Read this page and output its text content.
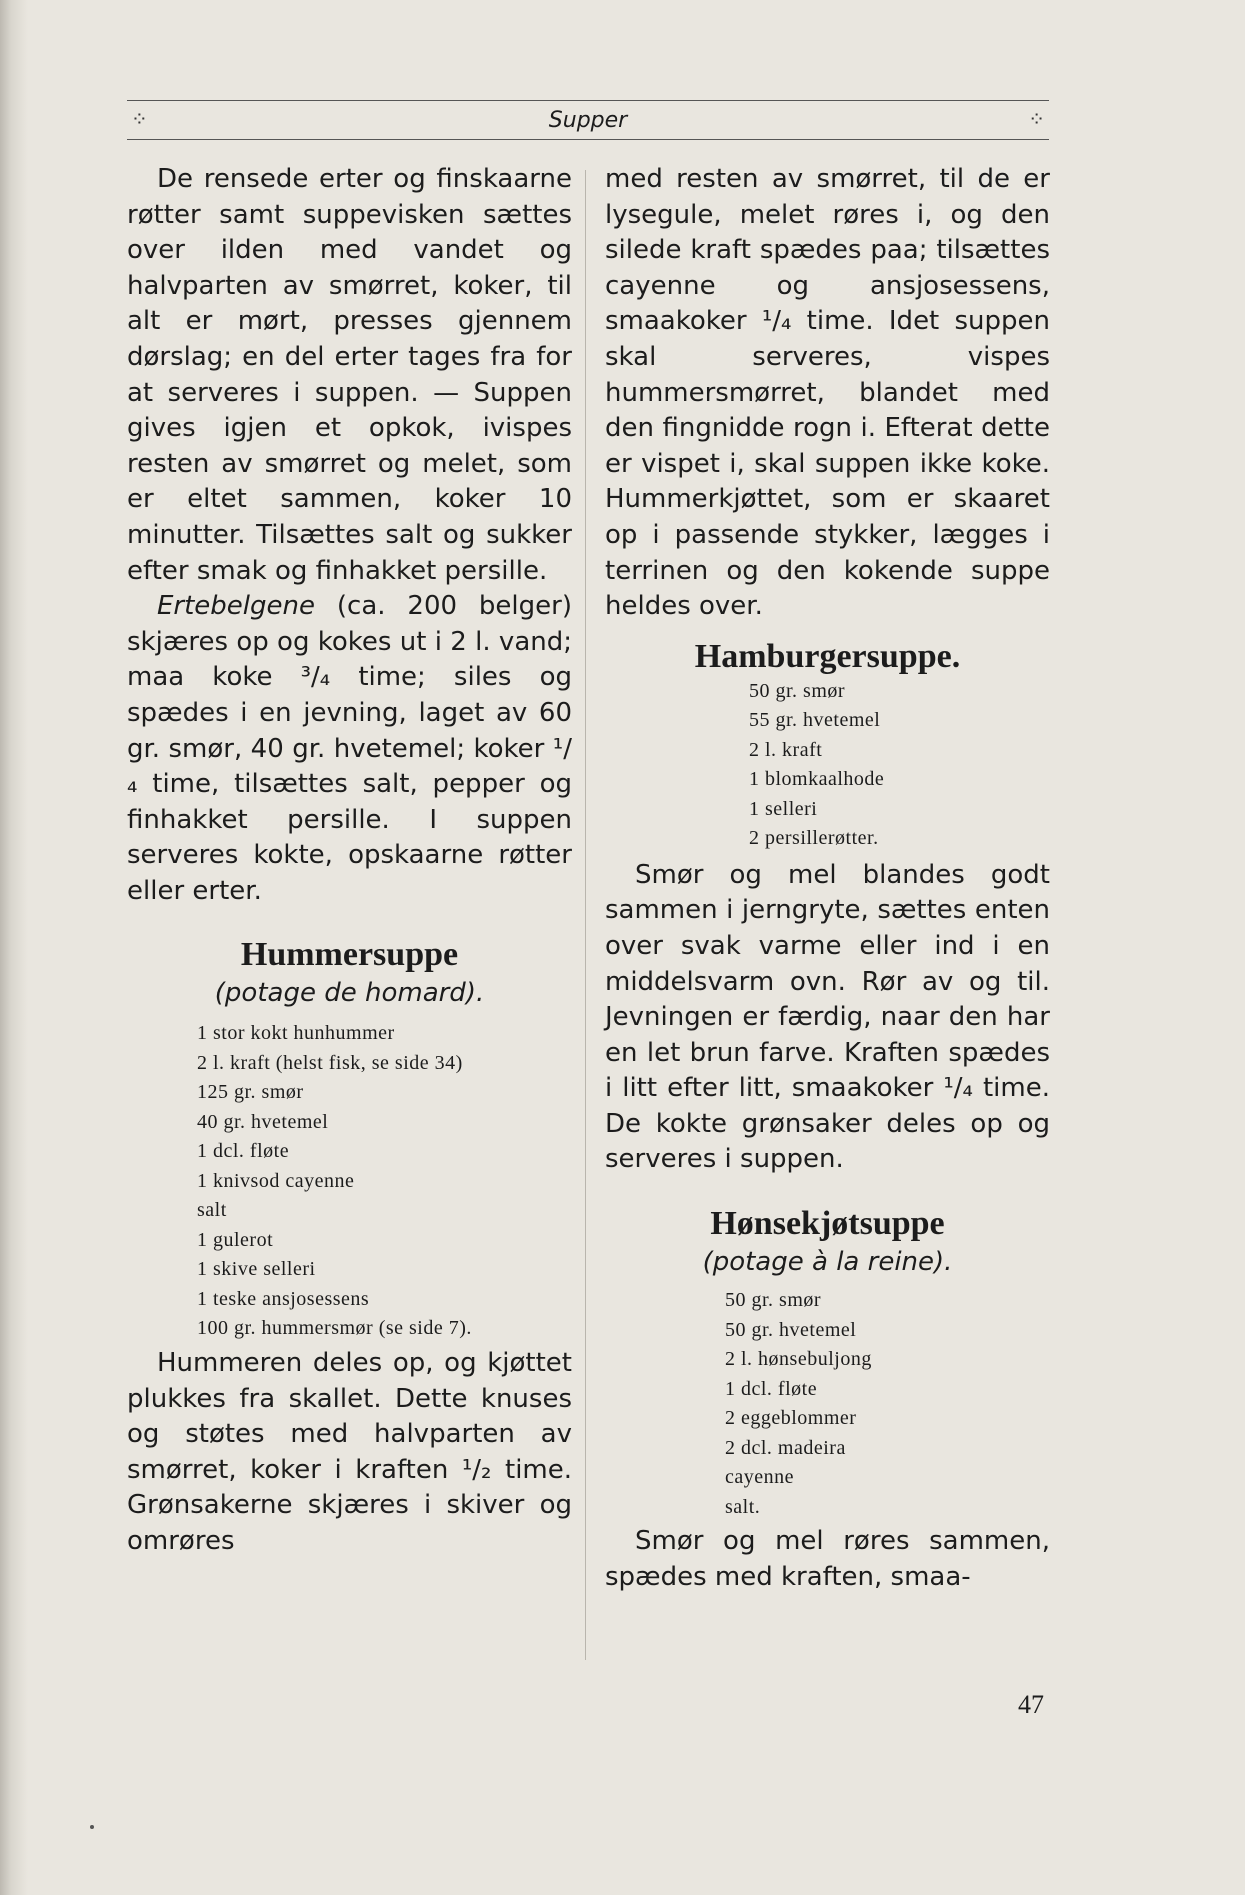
⁘	Supper	⁘

De rensede erter og finskaarne røtter samt suppevisken sættes over ilden med vandet og halvparten av smørret, koker, til alt er mørt, presses gjennem dørslag; en del erter tages fra for at serveres i suppen. — Suppen gives igjen et opkok, ivispes resten av smørret og melet, som er eltet sammen, koker 10 minutter. Tilsættes salt og sukker efter smak og finhakket persille.

Ertebelgene (ca. 200 belger) skjæres op og kokes ut i 2 l. vand; maa koke ³/₄ time; siles og spædes i en jevning, laget av 60 gr. smør, 40 gr. hvetemel; koker ¹/₄ time, tilsættes salt, pepper og finhakket persille. I suppen serveres kokte, opskaarne røtter eller erter.

Hummersuppe

(potage de homard).

1 stor kokt hunhummer
2 l. kraft (helst fisk, se side 34)
125 gr. smør
40 gr. hvetemel
1 dcl. fløte
1 knivsod cayenne
salt
1 gulerot
1 skive selleri
1 teske ansjosessens
100 gr. hummersmør (se side 7).

Hummeren deles op, og kjøttet plukkes fra skallet. Dette knuses og støtes med halvparten av smørret, koker i kraften ¹/₂ time. Grønsakerne skjæres i skiver og omrøres

med resten av smørret, til de er lysegule, melet røres i, og den silede kraft spædes paa; tilsættes cayenne og ansjosessens, smaakoker ¹/₄ time. Idet suppen skal serveres, vispes hummersmørret, blandet med den fingnidde rogn i. Efterat dette er vispet i, skal suppen ikke koke. Hummerkjøttet, som er skaaret op i passende stykker, lægges i terrinen og den kokende suppe heldes over.

Hamburgersuppe.
50 gr. smør
55 gr. hvetemel
2 l. kraft
1 blomkaalhode
1 selleri
2 persillerøtter.

Smør og mel blandes godt sammen i jerngryte, sættes enten over svak varme eller ind i en middelsvarm ovn. Rør av og til. Jevningen er færdig, naar den har en let brun farve. Kraften spædes i litt efter litt, smaakoker ¹/₄ time. De kokte grønsaker deles op og serveres i suppen.

Hønsekjøtsuppe

(potage à la reine).

50 gr. smør
50 gr. hvetemel
2 l. hønsebuljong
1 dcl. fløte
2 eggeblommer
2 dcl. madeira
cayenne
salt.

Smør og mel røres sammen, spædes med kraften, smaa-

47
